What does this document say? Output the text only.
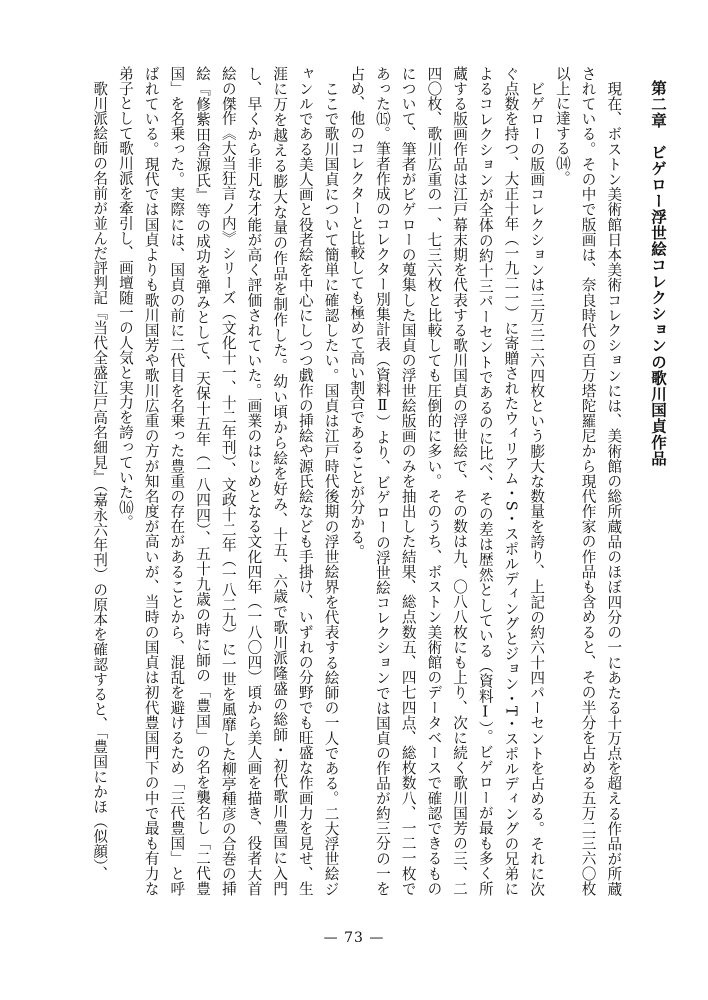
第二章　ビゲロー浮世絵コレクションの歌川国貞作品

現在、ボストン美術館日本美術コレクションには、美術館の総所蔵品のほぼ四分の一にあたる十万点を超える作品が所蔵されている。その中で版画は、奈良時代の百万塔陀羅尼から現代作家の作品も含めると、その半分を占める五万二三六〇枚以上に達する⒁。

ビゲローの版画コレクションは三万三二六四枚という膨大な数量を誇り、上記の約六十四パーセントを占める。それに次ぐ点数を持つ、大正十年（一九二一）に寄贈されたウィリアム・S・スポルディングとジョン・T・スポルディングの兄弟によるコレクションが全体の約十三パーセントであるのに比べ、その差は歴然としている（資料Ⅰ）。ビゲローが最も多く所蔵する版画作品は江戸幕末期を代表する歌川国貞の浮世絵で、その数は九、〇八八枚にも上り、次に続く歌川国芳の三、二四〇枚、歌川広重の一、七三六枚と比較しても圧倒的に多い。そのうち、ボストン美術館のデータベースで確認できるものについて、筆者がビゲローの蒐集した国貞の浮世絵版画のみを抽出した結果、総点数五、四七四点、総枚数八、一二一枚であった⒂。筆者作成のコレクター別集計表（資料Ⅱ）より、ビゲローの浮世絵コレクションでは国貞の作品が約三分の一を占め、他のコレクターと比較しても極めて高い割合であることが分かる。

ここで歌川国貞について簡単に確認したい。国貞は江戸時代後期の浮世絵界を代表する絵師の一人である。二大浮世絵ジャンルである美人画と役者絵を中心にしつつ戯作の挿絵や源氏絵なども手掛け、いずれの分野でも旺盛な作画力を見せ、生涯に万を越える膨大な量の作品を制作した。幼い頃から絵を好み、十五、六歳で歌川派隆盛の総師・初代歌川豊国に入門し、早くから非凡な才能が高く評価されていた。画業のはじめとなる文化四年（一八〇四）頃から美人画を描き、役者大首絵の傑作《大当狂言ノ内》シリーズ（文化十一、十二年刊）、文政十二年（一八二九）に一世を風靡した柳亭種彦の合巻の挿絵『修紫田舎源氏』等の成功を弾みとして、天保十五年（一八四四）、五十九歳の時に師の「豊国」の名を襲名し「二代豊国」を名乗った。実際には、国貞の前に二代目を名乗った豊重の存在があることから、混乱を避けるため「三代豊国」と呼ばれている。現代では国貞よりも歌川国芳や歌川広重の方が知名度が高いが、当時の国貞は初代豊国門下の中で最も有力な弟子として歌川派を牽引し、画壇随一の人気と実力を誇っていた⒃。

歌川派絵師の名前が並んだ評判記『当代全盛江戸高名細見』（嘉永六年刊）の原本を確認すると、「豊国にかほ（似顔）、

— 73 —
